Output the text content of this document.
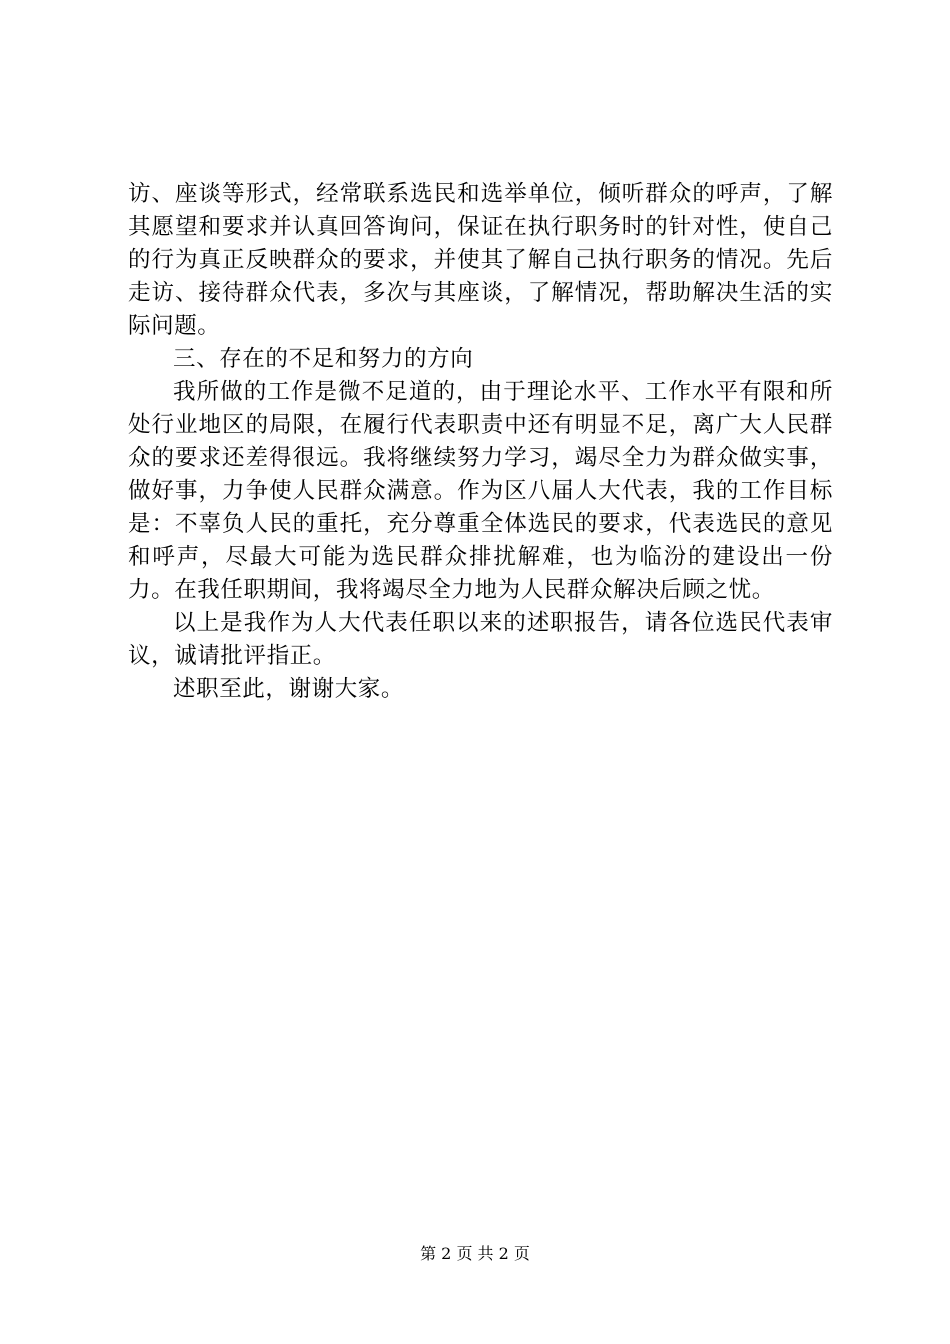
访、座谈等形式，经常联系选民和选举单位，倾听群众的呼声，了解其愿望和要求并认真回答询问，保证在执行职务时的针对性，使自己的行为真正反映群众的要求，并使其了解自己执行职务的情况。先后走访、接待群众代表，多次与其座谈，了解情况，帮助解决生活的实际问题。

三、存在的不足和努力的方向

我所做的工作是微不足道的，由于理论水平、工作水平有限和所处行业地区的局限，在履行代表职责中还有明显不足，离广大人民群众的要求还差得很远。我将继续努力学习，竭尽全力为群众做实事，做好事，力争使人民群众满意。作为区八届人大代表，我的工作目标是：不辜负人民的重托，充分尊重全体选民的要求，代表选民的意见和呼声，尽最大可能为选民群众排扰解难，也为临汾的建设出一份力。在我任职期间，我将竭尽全力地为人民群众解决后顾之忧。

以上是我作为人大代表任职以来的述职报告，请各位选民代表审议，诚请批评指正。

述职至此，谢谢大家。

第 2 页 共 2 页
